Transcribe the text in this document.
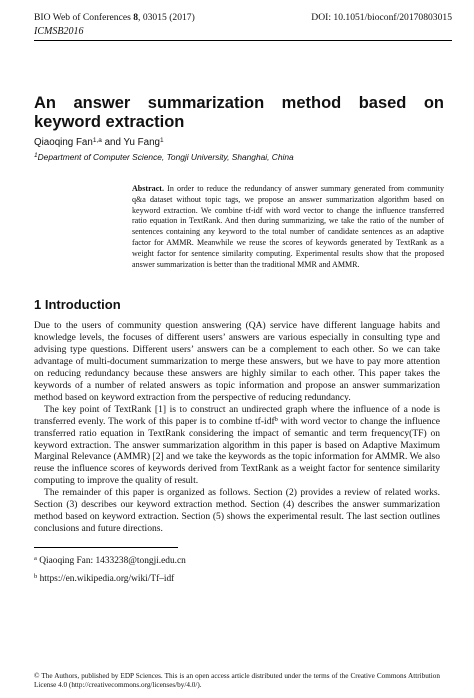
BIO Web of Conferences 8, 03015 (2017)	DOI: 10.1051/bioconf/20170803015
ICMSB2016
An answer summarization method based on keyword extraction
Qiaoqing Fan$^{1,a}$ and Yu Fang$^1$
$^1$Department of Computer Science, Tongji University, Shanghai, China

Abstract. In order to reduce the redundancy of answer summary generated from community q&a dataset without topic tags, we propose an answer summarization algorithm based on keyword extraction. We combine tf-idf with word vector to change the influence transferred ratio equation in TextRank. And then during summarizing, we take the ratio of the number of sentences containing any keyword to the total number of candidate sentences as an adaptive factor for AMMR. Meanwhile we reuse the scores of keywords generated by TextRank as a weight factor for sentence similarity computing. Experimental results show that the proposed answer summarization is better than the traditional MMR and AMMR.

1 Introduction

Due to the users of community question answering (QA) service have different language habits and knowledge levels, the focuses of different users’ answers are various especially in consulting type and advising type questions. Different users’ answers can be a complement to each other. So we can take advantage of multi-document summarization to merge these answers, but we have to pay more attention on reducing redundancy because these answers are highly similar to each other. This paper takes the keywords of a number of related answers as topic information and propose an answer summarization method based on keyword extraction from the perspective of reducing redundancy.

The key point of TextRank [1] is to construct an undirected graph where the influence of a node is transferred evenly. The work of this paper is to combine tf-idf$^b$ with word vector to change the influence transferred ratio equation in TextRank considering the impact of semantic and term frequency(TF) on keyword extraction. The answer summarization algorithm in this paper is based on Adaptive Maximum Marginal Relevance (AMMR) [2] and we take the keywords as the topic information for AMMR. We also reuse the influence scores of keywords derived from TextRank as a weight factor for sentence similarity computing to improve the quality of result.

The remainder of this paper is organized as follows. Section (2) provides a review of related works. Section (3) describes our keyword extraction method. Section (4) describes the answer summarization method based on keyword extraction. Section (5) shows the experimental result. The last section outlines conclusions and future directions.

$^a$ Qiaoqing Fan: 1433238@tongji.edu.cn
$^b$ https://en.wikipedia.org/wiki/Tf–idf
© The Authors, published by EDP Sciences. This is an open access article distributed under the terms of the Creative Commons Attribution License 4.0 (http://creativecommons.org/licenses/by/4.0/).
